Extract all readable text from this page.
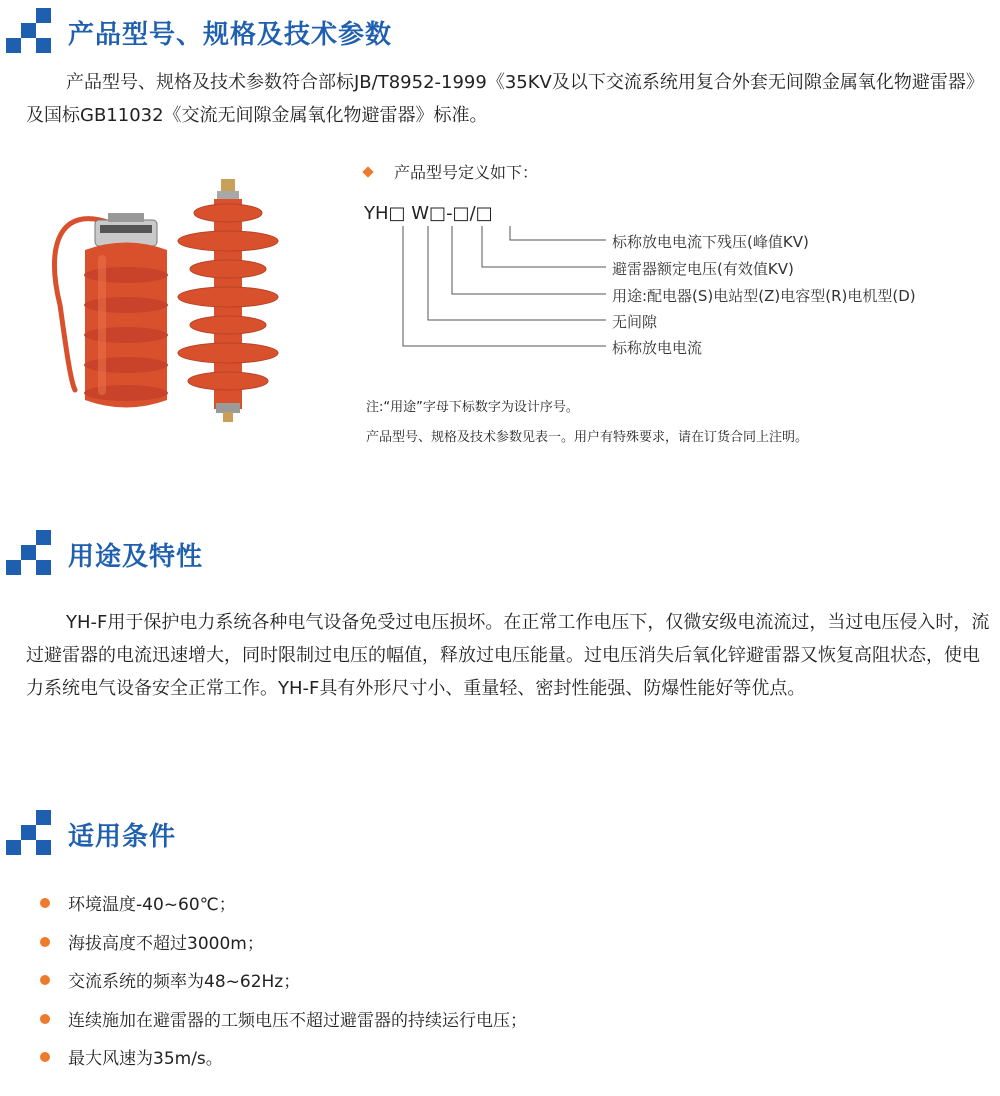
产品型号、规格及技术参数

产品型号、规格及技术参数符合部标JB/T8952-1999《35KV及以下交流系统用复合外套无间隙金属氧化物避雷器》及国标GB11032《交流无间隙金属氧化物避雷器》标准。

产品型号定义如下：
YH□ W□-□/□
标称放电电流下残压(峰值KV)
避雷器额定电压(有效值KV)
用途:配电器(S)电站型(Z)电容型(R)电机型(D)
无间隙
标称放电电流
注:“用途”字母下标数字为设计序号。
产品型号、规格及技术参数见表一。用户有特殊要求，请在订货合同上注明。
用途及特性

YH-F用于保护电力系统各种电气设备免受过电压损坏。在正常工作电压下，仅微安级电流流过，当过电压侵入时，流过避雷器的电流迅速增大，同时限制过电压的幅值，释放过电压能量。过电压消失后氧化锌避雷器又恢复高阻状态，使电力系统电气设备安全正常工作。YH-F具有外形尺寸小、重量轻、密封性能强、防爆性能好等优点。

适用条件
环境温度-40~60℃；
海拔高度不超过3000m；
交流系统的频率为48~62Hz；
连续施加在避雷器的工频电压不超过避雷器的持续运行电压；
最大风速为35m/s。
